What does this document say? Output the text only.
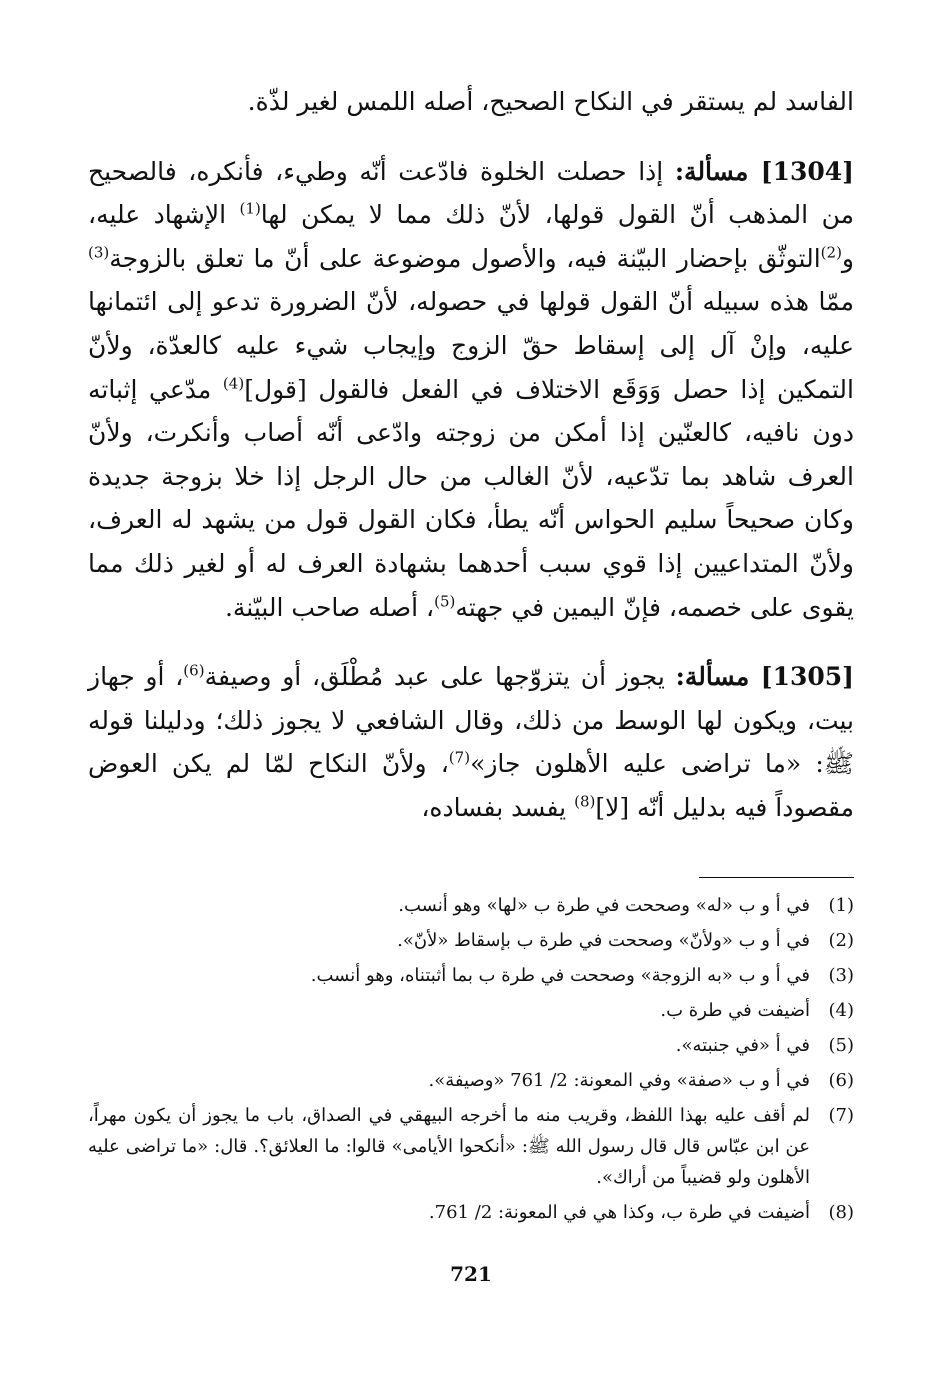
الفاسد لم يستقر في النكاح الصحيح، أصله اللمس لغير لذّة.

[1304] مسألة: إذا حصلت الخلوة فادّعت أنّه وطيء، فأنكره، فالصحيح من المذهب أنّ القول قولها، لأنّ ذلك مما لا يمكن لها$^{(1)}$ الإشهاد عليه، و$^{(2)}$التوثّق بإحضار البيّنة فيه، والأصول موضوعة على أنّ ما تعلق بالزوجة$^{(3)}$ ممّا هذه سبيله أنّ القول قولها في حصوله، لأنّ الضرورة تدعو إلى ائتمانها عليه، وإنْ آل إلى إسقاط حقّ الزوج وإيجاب شيء عليه كالعدّة، ولأنّ التمكين إذا حصل وَوَقَع الاختلاف في الفعل فالقول [قول]$^{(4)}$ مدّعي إثباته دون نافيه، كالعنّين إذا أمكن من زوجته وادّعى أنّه أصاب وأنكرت، ولأنّ العرف شاهد بما تدّعيه، لأنّ الغالب من حال الرجل إذا خلا بزوجة جديدة وكان صحيحاً سليم الحواس أنّه يطأ، فكان القول قول من يشهد له العرف، ولأنّ المتداعيين إذا قوي سبب أحدهما بشهادة العرف له أو لغير ذلك مما يقوى على خصمه، فإنّ اليمين في جهته$^{(5)}$، أصله صاحب البيّنة.

[1305] مسألة: يجوز أن يتزوّجها على عبد مُطْلَق، أو وصيفة$^{(6)}$، أو جهاز بيت، ويكون لها الوسط من ذلك، وقال الشافعي لا يجوز ذلك؛ ودليلنا قوله ﷺ: «ما تراضى عليه الأهلون جاز»$^{(7)}$، ولأنّ النكاح لمّا لم يكن العوض مقصوداً فيه بدليل أنّه [لا]$^{(8)}$ يفسد بفساده،

(1)
في أ و ب «له» وصححت في طرة ب «لها» وهو أنسب.
(2)
في أ و ب «ولأنّ» وصححت في طرة ب بإسقاط «لأنّ».
(3)
في أ و ب «به الزوجة» وصححت في طرة ب بما أثبتناه، وهو أنسب.
(4)
أضيفت في طرة ب.
(5)
في أ «في جنبته».
(6)
في أ و ب «صفة» وفي المعونة: 2/ 761 «وصيفة».
(7)
لم أقف عليه بهذا اللفظ، وقريب منه ما أخرجه البيهقي في الصداق، باب ما يجوز أن يكون مهراً، عن ابن عبّاس قال قال رسول الله ﷺ: «أنكحوا الأيامى» قالوا: ما العلائق؟. قال: «ما تراضى عليه الأهلون ولو قضيباً من أراك».
(8)
أضيفت في طرة ب، وكذا هي في المعونة: 2/ 761.
721
